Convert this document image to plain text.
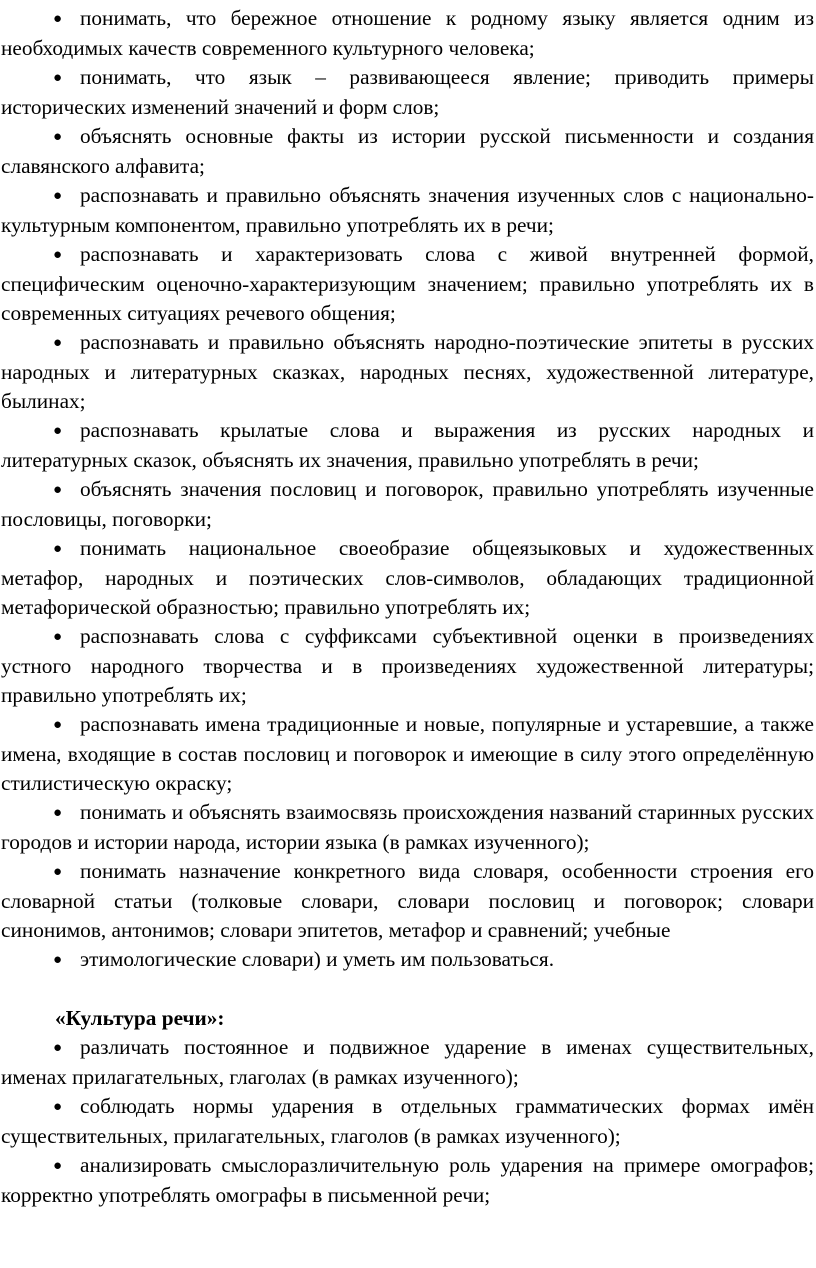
● понимать, что бережное отношение к родному языку является одним из необходимых качеств современного культурного человека;

● понимать, что язык – развивающееся явление; приводить примеры исторических изменений значений и форм слов;

● объяснять основные факты из истории русской письменности и создания славянского алфавита;

● распознавать и правильно объяснять значения изученных слов с национально-культурным компонентом, правильно употреблять их в речи;

● распознавать и характеризовать слова с живой внутренней формой, специфическим оценочно-характеризующим значением; правильно употреблять их в современных ситуациях речевого общения;

● распознавать и правильно объяснять народно-поэтические эпитеты в русских народных и литературных сказках, народных песнях, художественной литературе, былинах;

● распознавать крылатые слова и выражения из русских народных и литературных сказок, объяснять их значения, правильно употреблять в речи;

● объяснять значения пословиц и поговорок, правильно употреблять изученные пословицы, поговорки;

● понимать национальное своеобразие общеязыковых и художественных метафор, народных и поэтических слов-символов, обладающих традиционной метафорической образностью; правильно употреблять их;

● распознавать слова с суффиксами субъективной оценки в произведениях устного народного творчества и в произведениях художественной литературы; правильно употреблять их;

● распознавать имена традиционные и новые, популярные и устаревшие, а также имена, входящие в состав пословиц и поговорок и имеющие в силу этого определённую стилистическую окраску;

● понимать и объяснять взаимосвязь происхождения названий старинных русских городов и истории народа, истории языка (в рамках изученного);

● понимать назначение конкретного вида словаря, особенности строения его словарной статьи (толковые словари, словари пословиц и поговорок; словари синонимов, антонимов; словари эпитетов, метафор и сравнений; учебные

● этимологические словари) и уметь им пользоваться.

«Культура речи»:

● различать постоянное и подвижное ударение в именах существительных, именах прилагательных, глаголах (в рамках изученного);

● соблюдать нормы ударения в отдельных грамматических формах имён существительных, прилагательных, глаголов (в рамках изученного);

● анализировать смыслоразличительную роль ударения на примере омографов; корректно употреблять омографы в письменной речи;
